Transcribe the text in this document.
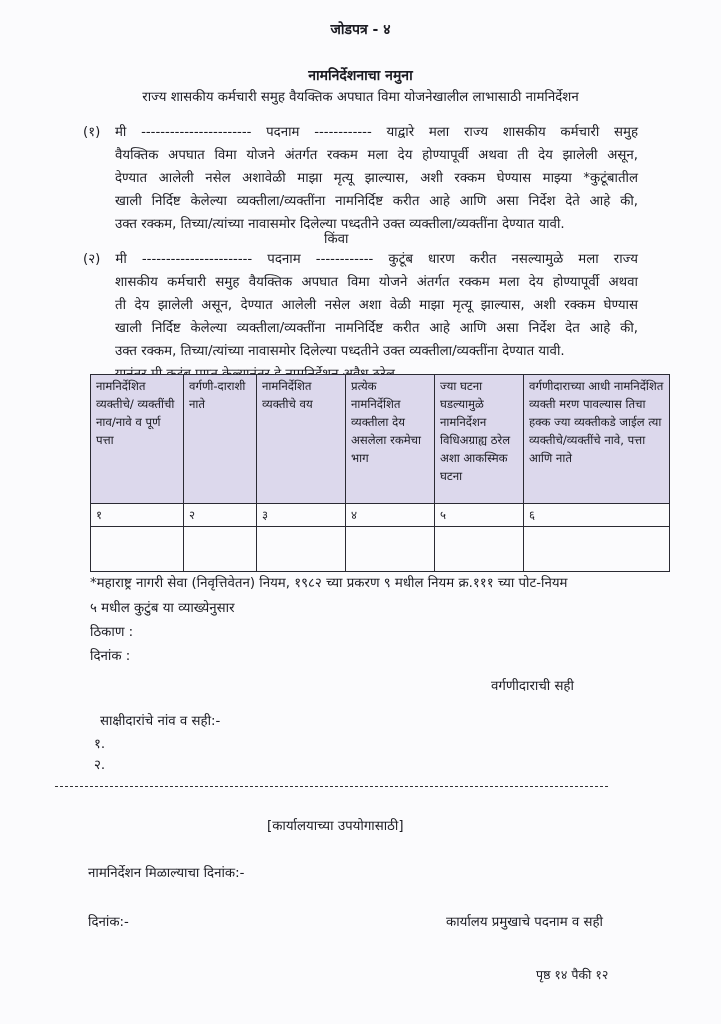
जोडपत्र - ४
नामनिर्देशनाचा नमुना
राज्य शासकीय कर्मचारी समुह वैयक्तिक अपघात विमा योजनेखालील लाभासाठी नामनिर्देशन
(१) मी ----------------------- पदनाम ------------ याद्वारे मला राज्य शासकीय कर्मचारी समुह
वैयक्तिक अपघात विमा योजने अंतर्गत रक्कम मला देय होण्यापूर्वी अथवा ती देय झालेली असून,
देण्यात आलेली नसेल अशावेळी माझा मृत्यू झाल्यास, अशी रक्कम घेण्यास माझ्या *कुटूंबातील
खाली निर्दिष्ट केलेल्या व्यक्तीला/व्यक्तींना नामनिर्दिष्ट करीत आहे आणि असा निर्देश देते आहे की,
उक्त रक्कम, तिच्या/त्यांच्या नावासमोर दिलेल्या पध्दतीने उक्त व्यक्तीला/व्यक्तींना देण्यात यावी.
किंवा
(२) मी ----------------------- पदनाम ------------ कुटूंब धारण करीत नसल्यामुळे मला राज्य
शासकीय कर्मचारी समुह वैयक्तिक अपघात विमा योजने अंतर्गत रक्कम मला देय होण्यापूर्वी अथवा
ती देय झालेली असून, देण्यात आलेली नसेल अशा वेळी माझा मृत्यू झाल्यास, अशी रक्कम घेण्यास
खाली निर्दिष्ट केलेल्या व्यक्तीला/व्यक्तींना नामनिर्दिष्ट करीत आहे आणि असा निर्देश देत आहे की,
उक्त रक्कम, तिच्या/त्यांच्या नावासमोर दिलेल्या पध्दतीने उक्त व्यक्तीला/व्यक्तींना देण्यात यावी.
नामनिर्देशित व्यक्तीचे/ व्यक्तींची नाव/नावे व पूर्ण पत्ता	वर्गणी-दाराशी नाते	नामनिर्देशित व्यक्तीचे वय	प्रत्येक नामनिर्देशित व्यक्तीला देय असलेला रकमेचा भाग	ज्या घटना घडल्यामुळे नामनिर्देशन विधिअग्राह्य ठरेल अशा आकस्मिक घटना	वर्गणीदाराच्या आधी नामनिर्देशित व्यक्ती मरण पावल्यास तिचा हक्क ज्या व्यक्तीकडे जाईल त्या व्यक्तीचे/व्यक्तींचे नावे, पत्ता आणि नाते
१	२	३	४	५	६

*महाराष्ट्र नागरी सेवा (निवृत्तिवेतन) नियम, १९८२ च्या प्रकरण ९ मधील नियम क्र.१११ च्या पोट-नियम
५ मधील कुटुंब या व्याख्येनुसार
ठिकाण :
दिनांक :
वर्गणीदाराची सही
साक्षीदारांचे नांव व सही:-
१.
२.
[कार्यालयाच्या उपयोगासाठी]
नामनिर्देशन मिळाल्याचा दिनांक:-
दिनांक:-	कार्यालय प्रमुखाचे पदनाम व सही
पृष्ठ १४ पैकी १२
